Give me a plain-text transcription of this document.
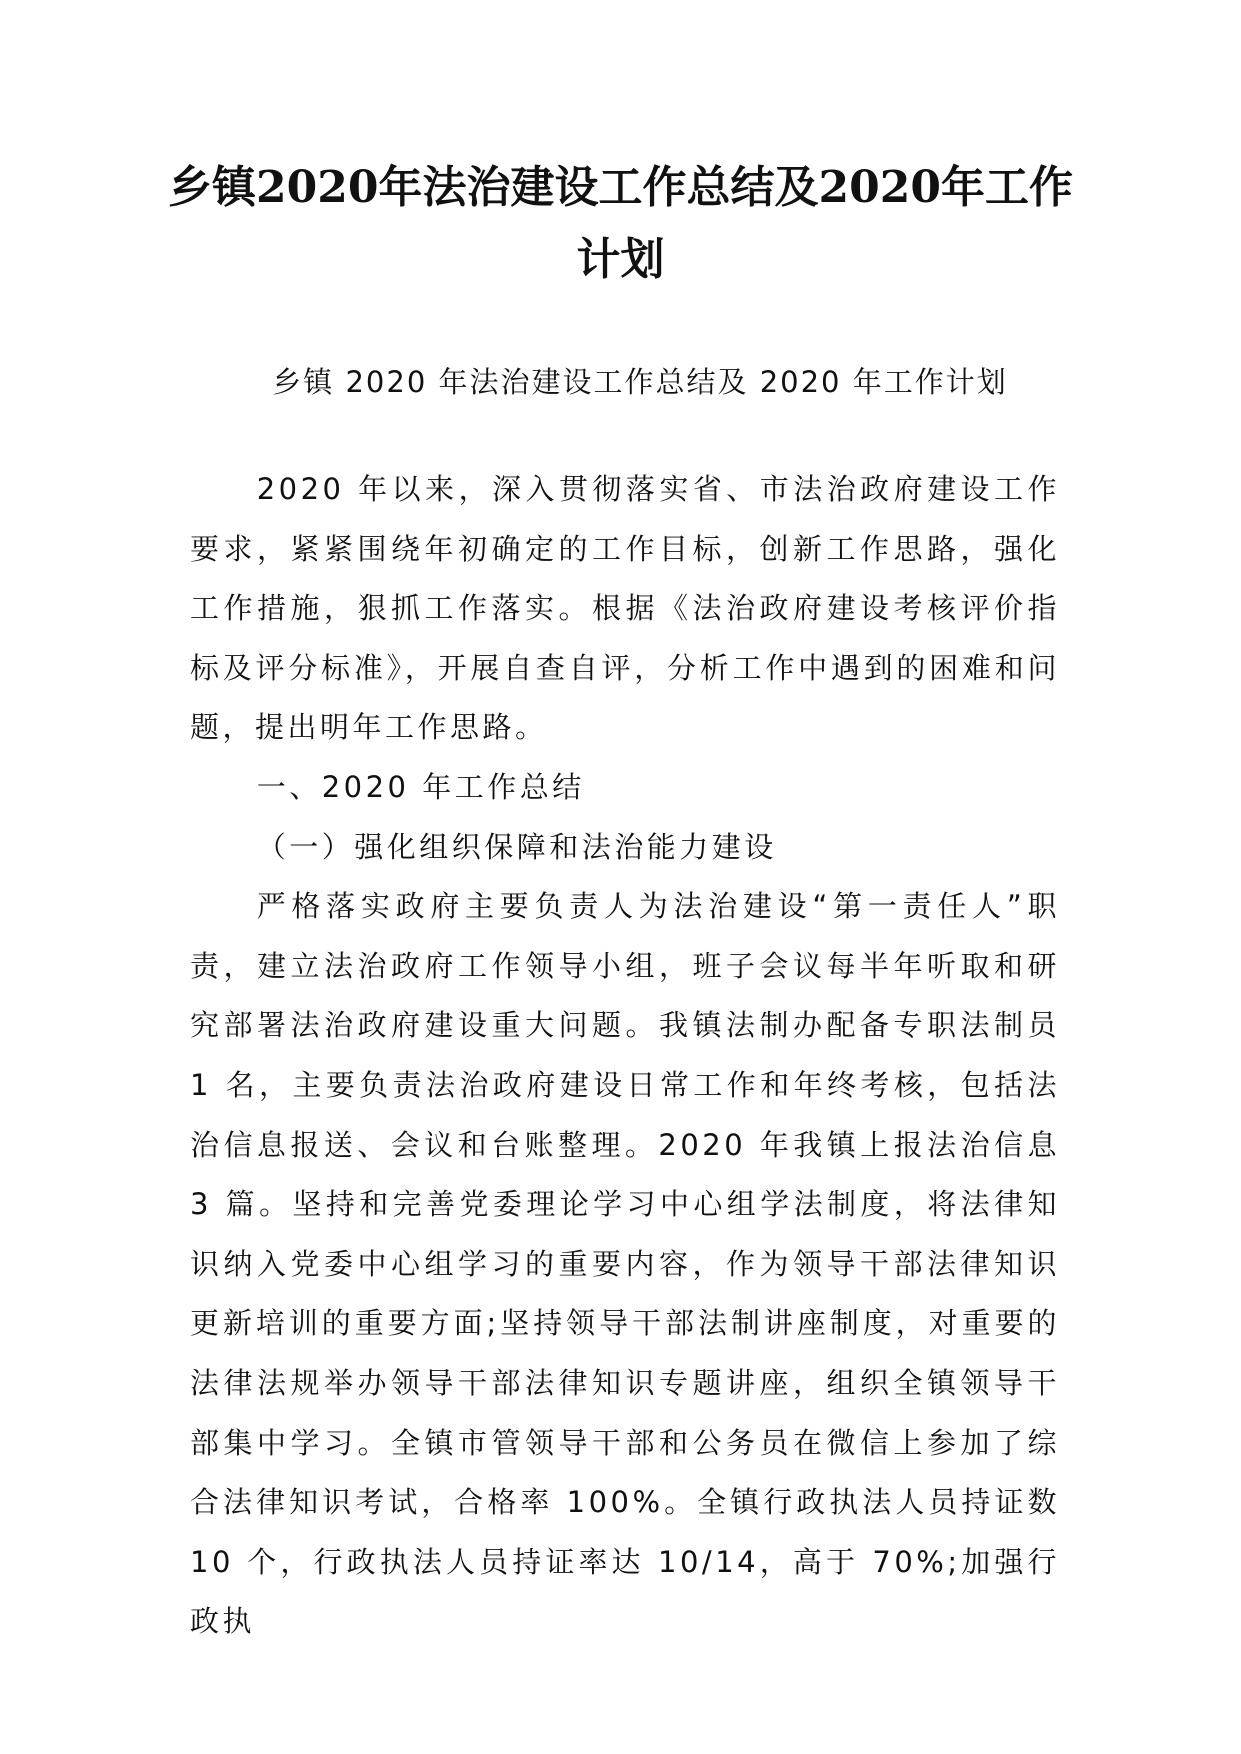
乡镇2020年法治建设工作总结及2020年工作计划

乡镇 2020 年法治建设工作总结及 2020 年工作计划

2020 年以来，深入贯彻落实省、市法治政府建设工作要求，紧紧围绕年初确定的工作目标，创新工作思路，强化工作措施，狠抓工作落实。根据《法治政府建设考核评价指标及评分标准》，开展自查自评，分析工作中遇到的困难和问题，提出明年工作思路。

一、2020 年工作总结

（一）强化组织保障和法治能力建设

严格落实政府主要负责人为法治建设“第一责任人”职责，建立法治政府工作领导小组，班子会议每半年听取和研究部署法治政府建设重大问题。我镇法制办配备专职法制员 1 名，主要负责法治政府建设日常工作和年终考核，包括法治信息报送、会议和台账整理。2020 年我镇上报法治信息 3 篇。坚持和完善党委理论学习中心组学法制度，将法律知识纳入党委中心组学习的重要内容，作为领导干部法律知识更新培训的重要方面;坚持领导干部法制讲座制度，对重要的法律法规举办领导干部法律知识专题讲座，组织全镇领导干部集中学习。全镇市管领导干部和公务员在微信上参加了综合法律知识考试，合格率 100%。全镇行政执法人员持证数 10 个，行政执法人员持证率达 10/14，高于 70%;加强行政执
